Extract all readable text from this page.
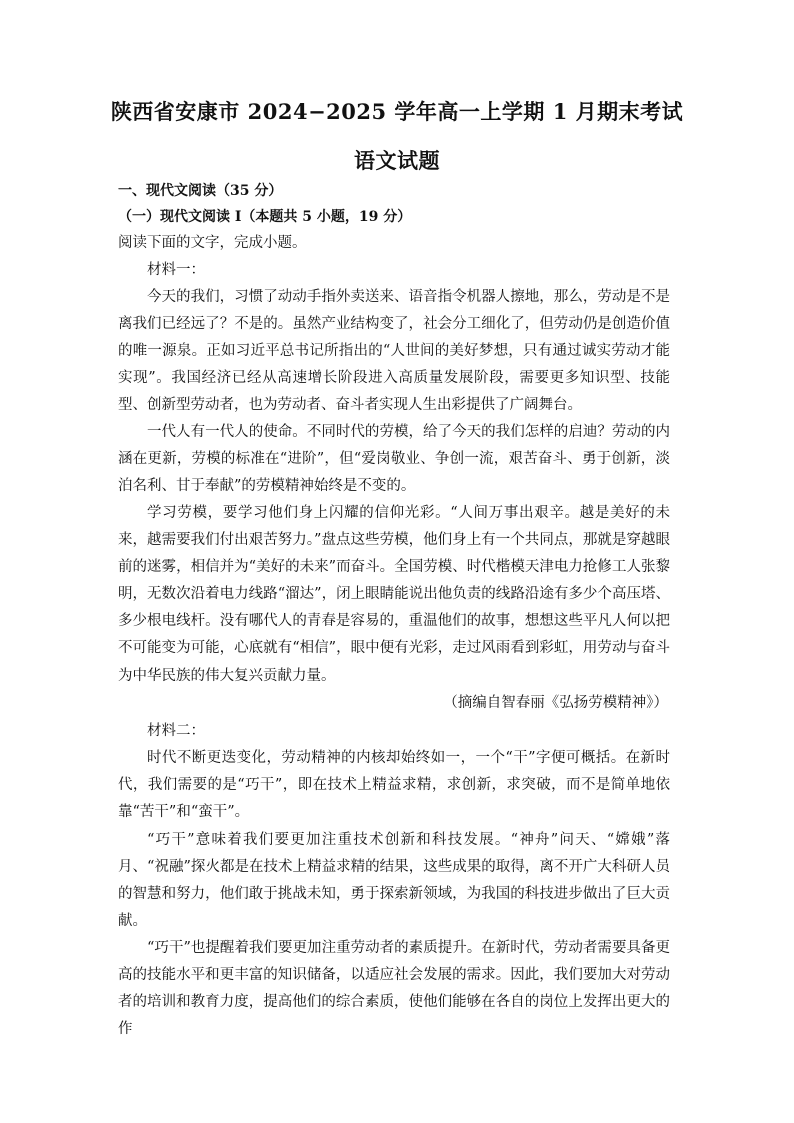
陕西省安康市 2024−2025 学年高一上学期 1 月期末考试
语文试题
一、现代文阅读（35 分）
（一）现代文阅读 I（本题共 5 小题，19 分）
阅读下面的文字，完成小题。
材料一：
今天的我们，习惯了动动手指外卖送来、语音指令机器人擦地，那么，劳动是不是离我们已经远了？不是的。虽然产业结构变了，社会分工细化了，但劳动仍是创造价值的唯一源泉。正如习近平总书记所指出的“人世间的美好梦想，只有通过诚实劳动才能实现”。我国经济已经从高速增长阶段进入高质量发展阶段，需要更多知识型、技能型、创新型劳动者，也为劳动者、奋斗者实现人生出彩提供了广阔舞台。
一代人有一代人的使命。不同时代的劳模，给了今天的我们怎样的启迪？劳动的内涵在更新，劳模的标准在“进阶”，但“爱岗敬业、争创一流，艰苦奋斗、勇于创新，淡泊名利、甘于奉献”的劳模精神始终是不变的。
学习劳模，要学习他们身上闪耀的信仰光彩。“人间万事出艰辛。越是美好的未来，越需要我们付出艰苦努力。”盘点这些劳模，他们身上有一个共同点，那就是穿越眼前的迷雾，相信并为“美好的未来”而奋斗。全国劳模、时代楷模天津电力抢修工人张黎明，无数次沿着电力线路“溜达”，闭上眼睛能说出他负责的线路沿途有多少个高压塔、多少根电线杆。没有哪代人的青春是容易的，重温他们的故事，想想这些平凡人何以把不可能变为可能，心底就有“相信”，眼中便有光彩，走过风雨看到彩虹，用劳动与奋斗为中华民族的伟大复兴贡献力量。
（摘编自智春丽《弘扬劳模精神》）
材料二：
时代不断更迭变化，劳动精神的内核却始终如一，一个“干”字便可概括。在新时代，我们需要的是“巧干”，即在技术上精益求精，求创新，求突破，而不是简单地依靠“苦干”和“蛮干”。
“巧干”意味着我们要更加注重技术创新和科技发展。“神舟”问天、“嫦娥”落月、“祝融”探火都是在技术上精益求精的结果，这些成果的取得，离不开广大科研人员的智慧和努力，他们敢于挑战未知，勇于探索新领域，为我国的科技进步做出了巨大贡献。
“巧干”也提醒着我们要更加注重劳动者的素质提升。在新时代，劳动者需要具备更高的技能水平和更丰富的知识储备，以适应社会发展的需求。因此，我们要加大对劳动者的培训和教育力度，提高他们的综合素质，使他们能够在各自的岗位上发挥出更大的作
